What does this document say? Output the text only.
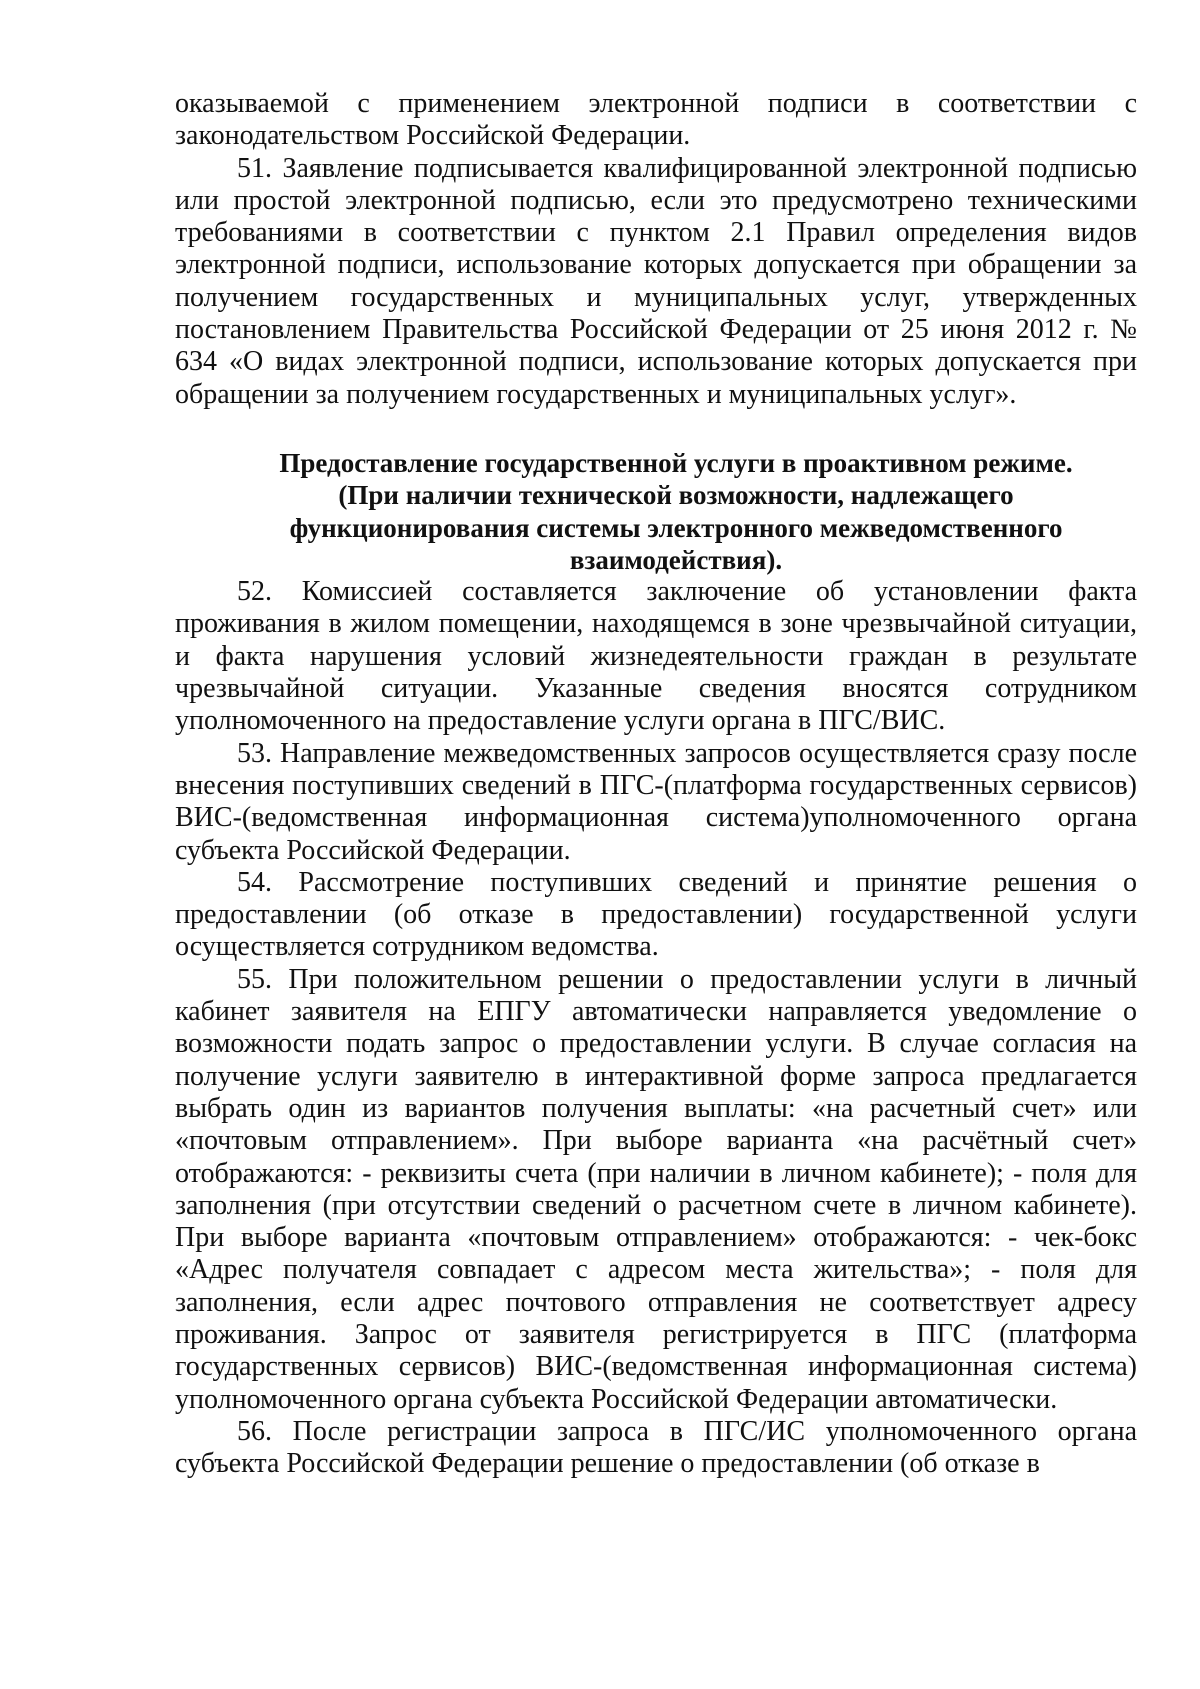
оказываемой с применением электронной подписи в соответствии с законодательством Российской Федерации.

51. Заявление подписывается квалифицированной электронной подписью или простой электронной подписью, если это предусмотрено техническими требованиями в соответствии с пунктом 2.1 Правил определения видов электронной подписи, использование которых допускается при обращении за получением государственных и муниципальных услуг, утвержденных постановлением Правительства Российской Федерации от 25 июня 2012 г. № 634 «О видах электронной подписи, использование которых допускается при обращении за получением государственных и муниципальных услуг».

Предоставление государственной услуги в проактивном режиме.
(При наличии технической возможности, надлежащего
функционирования системы электронного межведомственного
взаимодействия).

52. Комиссией составляется заключение об установлении факта проживания в жилом помещении, находящемся в зоне чрезвычайной ситуации, и факта нарушения условий жизнедеятельности граждан в результате чрезвычайной ситуации. Указанные сведения вносятся сотрудником уполномоченного на предоставление услуги органа в ПГС/ВИС.

53. Направление межведомственных запросов осуществляется сразу после внесения поступивших сведений в ПГС-(платформа государственных сервисов) ВИС-(ведомственная информационная система)уполномоченного органа субъекта Российской Федерации.

54. Рассмотрение поступивших сведений и принятие решения о предоставлении (об отказе в предоставлении) государственной услуги осуществляется сотрудником ведомства.

55. При положительном решении о предоставлении услуги в личный кабинет заявителя на ЕПГУ автоматически направляется уведомление о возможности подать запрос о предоставлении услуги. В случае согласия на получение услуги заявителю в интерактивной форме запроса предлагается выбрать один из вариантов получения выплаты: «на расчетный счет» или «почтовым отправлением». При выборе варианта «на расчётный счет» отображаются: - реквизиты счета (при наличии в личном кабинете); - поля для заполнения (при отсутствии сведений о расчетном счете в личном кабинете). При выборе варианта «почтовым отправлением» отображаются: - чек-бокс «Адрес получателя совпадает с адресом места жительства»; - поля для заполнения, если адрес почтового отправления не соответствует адресу проживания. Запрос от заявителя регистрируется в ПГС (платформа государственных сервисов) ВИС-(ведомственная информационная система) уполномоченного органа субъекта Российской Федерации автоматически.

56. После регистрации запроса в ПГС/ИС уполномоченного органа субъекта Российской Федерации решение о предоставлении (об отказе в
